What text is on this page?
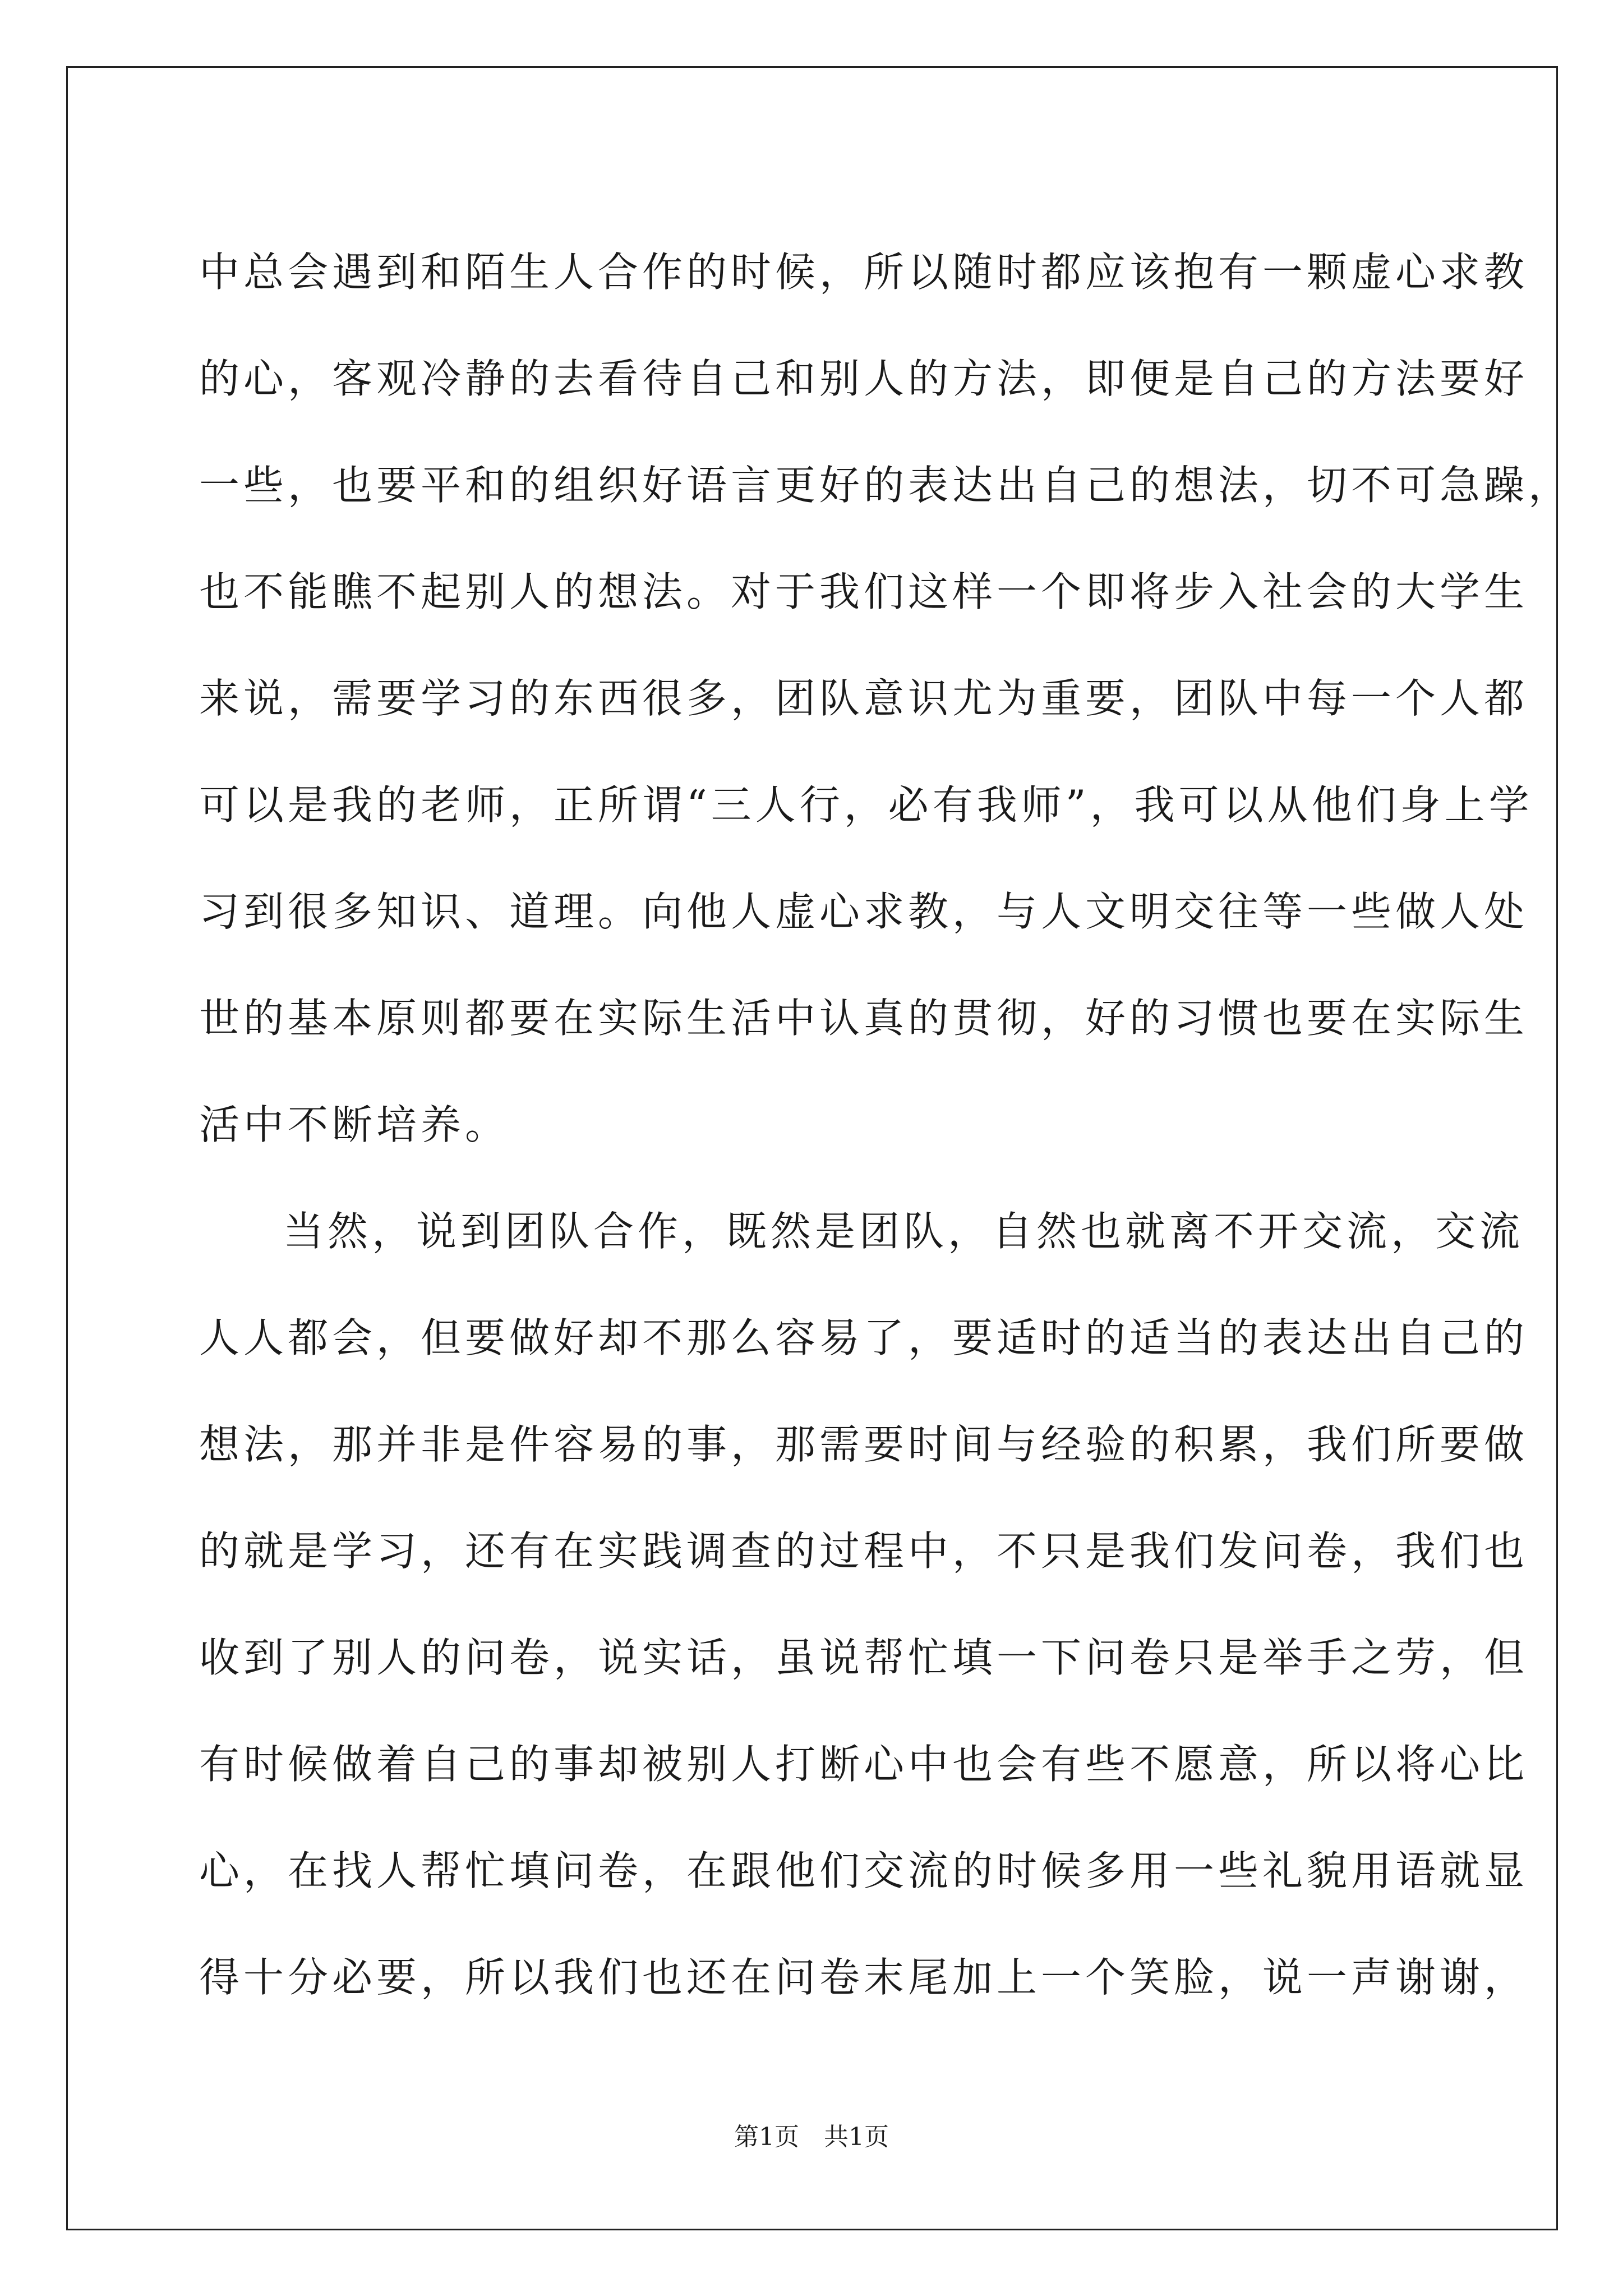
中总会遇到和陌生人合作的时候，所以随时都应该抱有一颗虚心求教
的心，客观冷静的去看待自己和别人的方法，即便是自己的方法要好
一些，也要平和的组织好语言更好的表达出自己的想法，切不可急躁，
也不能瞧不起别人的想法。对于我们这样一个即将步入社会的大学生
来说，需要学习的东西很多，团队意识尤为重要，团队中每一个人都
可以是我的老师，正所谓“三人行，必有我师”，我可以从他们身上学
习到很多知识、道理。向他人虚心求教，与人文明交往等一些做人处
世的基本原则都要在实际生活中认真的贯彻，好的习惯也要在实际生
活中不断培养。
当然，说到团队合作，既然是团队，自然也就离不开交流，交流
人人都会，但要做好却不那么容易了，要适时的适当的表达出自己的
想法，那并非是件容易的事，那需要时间与经验的积累，我们所要做
的就是学习，还有在实践调查的过程中，不只是我们发问卷，我们也
收到了别人的问卷，说实话，虽说帮忙填一下问卷只是举手之劳，但
有时候做着自己的事却被别人打断心中也会有些不愿意，所以将心比
心，在找人帮忙填问卷，在跟他们交流的时候多用一些礼貌用语就显
得十分必要，所以我们也还在问卷末尾加上一个笑脸，说一声谢谢，
第1页　共1页
